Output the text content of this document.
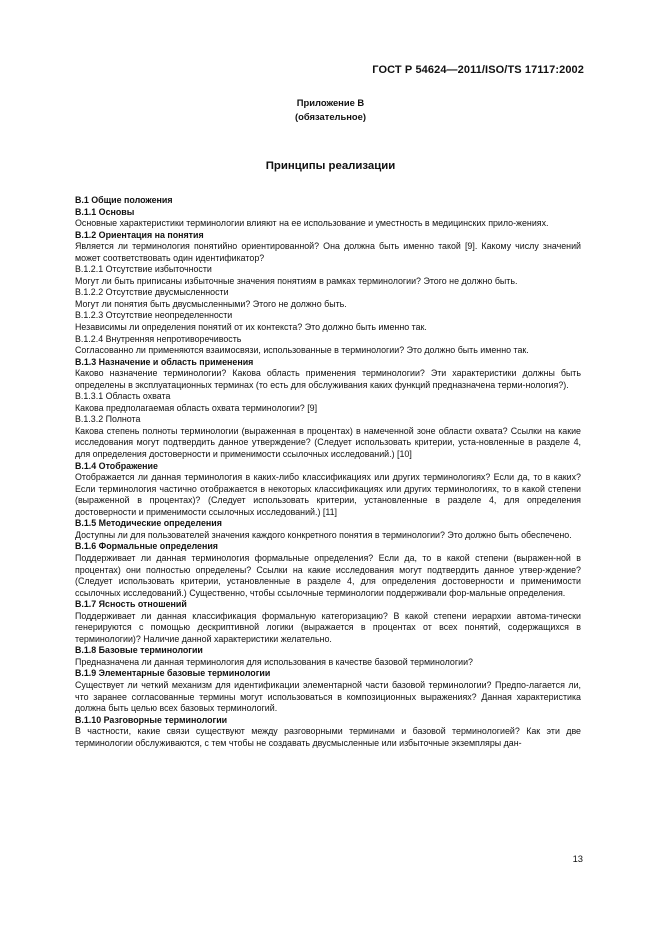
ГОСТ Р 54624—2011/ISO/TS 17117:2002
Приложение В
(обязательное)
Принципы реализации

В.1 Общие положения

В.1.1 Основы

Основные характеристики терминологии влияют на ее использование и уместность в медицинских прило-жениях.

В.1.2 Ориентация на понятия

Является ли терминология понятийно ориентированной? Она должна быть именно такой [9]. Какому числу значений может соответствовать один идентификатор?

В.1.2.1 Отсутствие избыточности

Могут ли быть приписаны избыточные значения понятиям в рамках терминологии? Этого не должно быть.

В.1.2.2 Отсутствие двусмысленности

Могут ли понятия быть двусмысленными? Этого не должно быть.

В.1.2.3 Отсутствие неопределенности

Независимы ли определения понятий от их контекста? Это должно быть именно так.

В.1.2.4 Внутренняя непротиворечивость

Согласованно ли применяются взаимосвязи, использованные в терминологии? Это должно быть именно так.

В.1.3 Назначение и область применения

Каково назначение терминологии? Какова область применения терминологии? Эти характеристики должны быть определены в эксплуатационных терминах (то есть для обслуживания каких функций предназначена терми-нология?).

В.1.3.1 Область охвата

Какова предполагаемая область охвата терминологии? [9]

В.1.3.2 Полнота

Какова степень полноты терминологии (выраженная в процентах) в намеченной зоне области охвата? Ссылки на какие исследования могут подтвердить данное утверждение? (Следует использовать критерии, уста-новленные в разделе 4, для определения достоверности и применимости ссылочных исследований.) [10]

В.1.4 Отображение

Отображается ли данная терминология в каких-либо классификациях или других терминологиях? Если да, то в каких? Если терминология частично отображается в некоторых классификациях или других терминологиях, то в какой степени (выраженной в процентах)? (Следует использовать критерии, установленные в разделе 4, для определения достоверности и применимости ссылочных исследований.) [11]

В.1.5 Методические определения

Доступны ли для пользователей значения каждого конкретного понятия в терминологии? Это должно быть обеспечено.

В.1.6 Формальные определения

Поддерживает ли данная терминология формальные определения? Если да, то в какой степени (выражен-ной в процентах) они полностью определены? Ссылки на какие исследования могут подтвердить данное утвер-ждение? (Следует использовать критерии, установленные в разделе 4, для определения достоверности и применимости ссылочных исследований.) Существенно, чтобы ссылочные терминологии поддерживали фор-мальные определения.

В.1.7 Ясность отношений

Поддерживает ли данная классификация формальную категоризацию? В какой степени иерархии автома-тически генерируются с помощью дескриптивной логики (выражается в процентах от всех понятий, содержащихся в терминологии)? Наличие данной характеристики желательно.

В.1.8 Базовые терминологии

Предназначена ли данная терминология для использования в качестве базовой терминологии?

В.1.9 Элементарные базовые терминологии

Существует ли четкий механизм для идентификации элементарной части базовой терминологии? Предпо-лагается ли, что заранее согласованные термины могут использоваться в композиционных выражениях? Данная характеристика должна быть целью всех базовых терминологий.

В.1.10 Разговорные терминологии

В частности, какие связи существуют между разговорными терминами и базовой терминологией? Как эти две терминологии обслуживаются, с тем чтобы не создавать двусмысленные или избыточные экземпляры дан-

13
